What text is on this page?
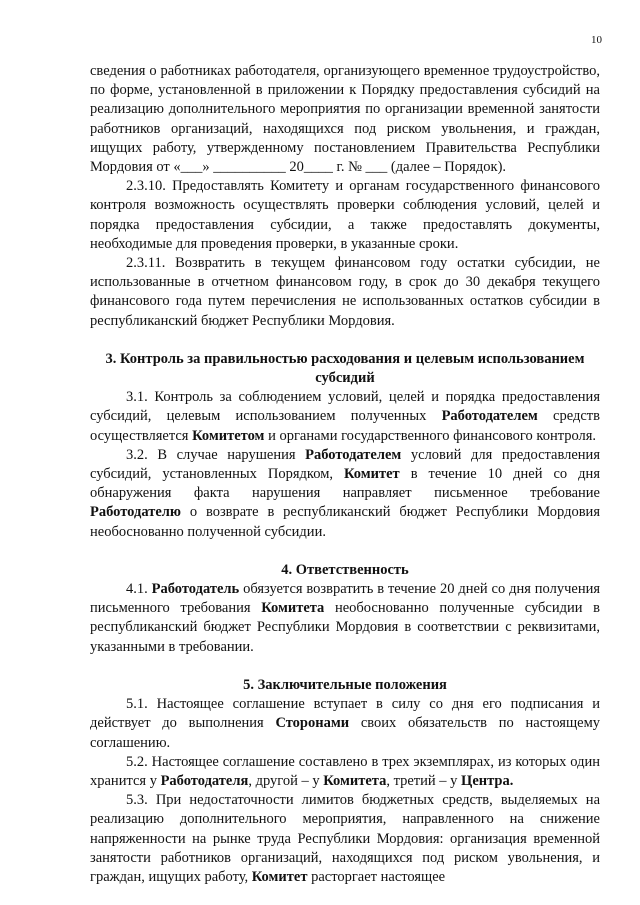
10

сведения о работниках работодателя, организующего временное трудоустройство, по форме, установленной в приложении к Порядку предоставления субсидий на реализацию дополнительного мероприятия по организации временной занятости работников организаций, находящихся под риском увольнения, и граждан, ищущих работу, утвержденному постановлением Правительства Республики Мордовия от «___» __________ 20____ г. № ___ (далее – Порядок).

2.3.10. Предоставлять Комитету и органам государственного финансового контроля возможность осуществлять проверки соблюдения условий, целей и порядка предоставления субсидии, а также предоставлять документы, необходимые для проведения проверки, в указанные сроки.

2.3.11. Возвратить в текущем финансовом году остатки субсидии, не использованные в отчетном финансовом году, в срок до 30 декабря текущего финансового года путем перечисления не использованных остатков субсидии в республиканский бюджет Республики Мордовия.

3. Контроль за правильностью расходования и целевым использованием субсидий

3.1. Контроль за соблюдением условий, целей и порядка предоставления субсидий, целевым использованием полученных Работодателем средств осуществляется Комитетом и органами государственного финансового контроля.

3.2. В случае нарушения Работодателем условий для предоставления субсидий, установленных Порядком, Комитет в течение 10 дней со дня обнаружения факта нарушения направляет письменное требование Работодателю о возврате в республиканский бюджет Республики Мордовия необоснованно полученной субсидии.

4. Ответственность

4.1. Работодатель обязуется возвратить в течение 20 дней со дня получения письменного требования Комитета необоснованно полученные субсидии в республиканский бюджет Республики Мордовия в соответствии с реквизитами, указанными в требовании.

5. Заключительные положения

5.1. Настоящее соглашение вступает в силу со дня его подписания и действует до выполнения Сторонами своих обязательств по настоящему соглашению.

5.2. Настоящее соглашение составлено в трех экземплярах, из которых один хранится у Работодателя, другой – у Комитета, третий – у Центра.

5.3. При недостаточности лимитов бюджетных средств, выделяемых на реализацию дополнительного мероприятия, направленного на снижение напряженности на рынке труда Республики Мордовия: организация временной занятости работников организаций, находящихся под риском увольнения, и граждан, ищущих работу, Комитет расторгает настоящее
